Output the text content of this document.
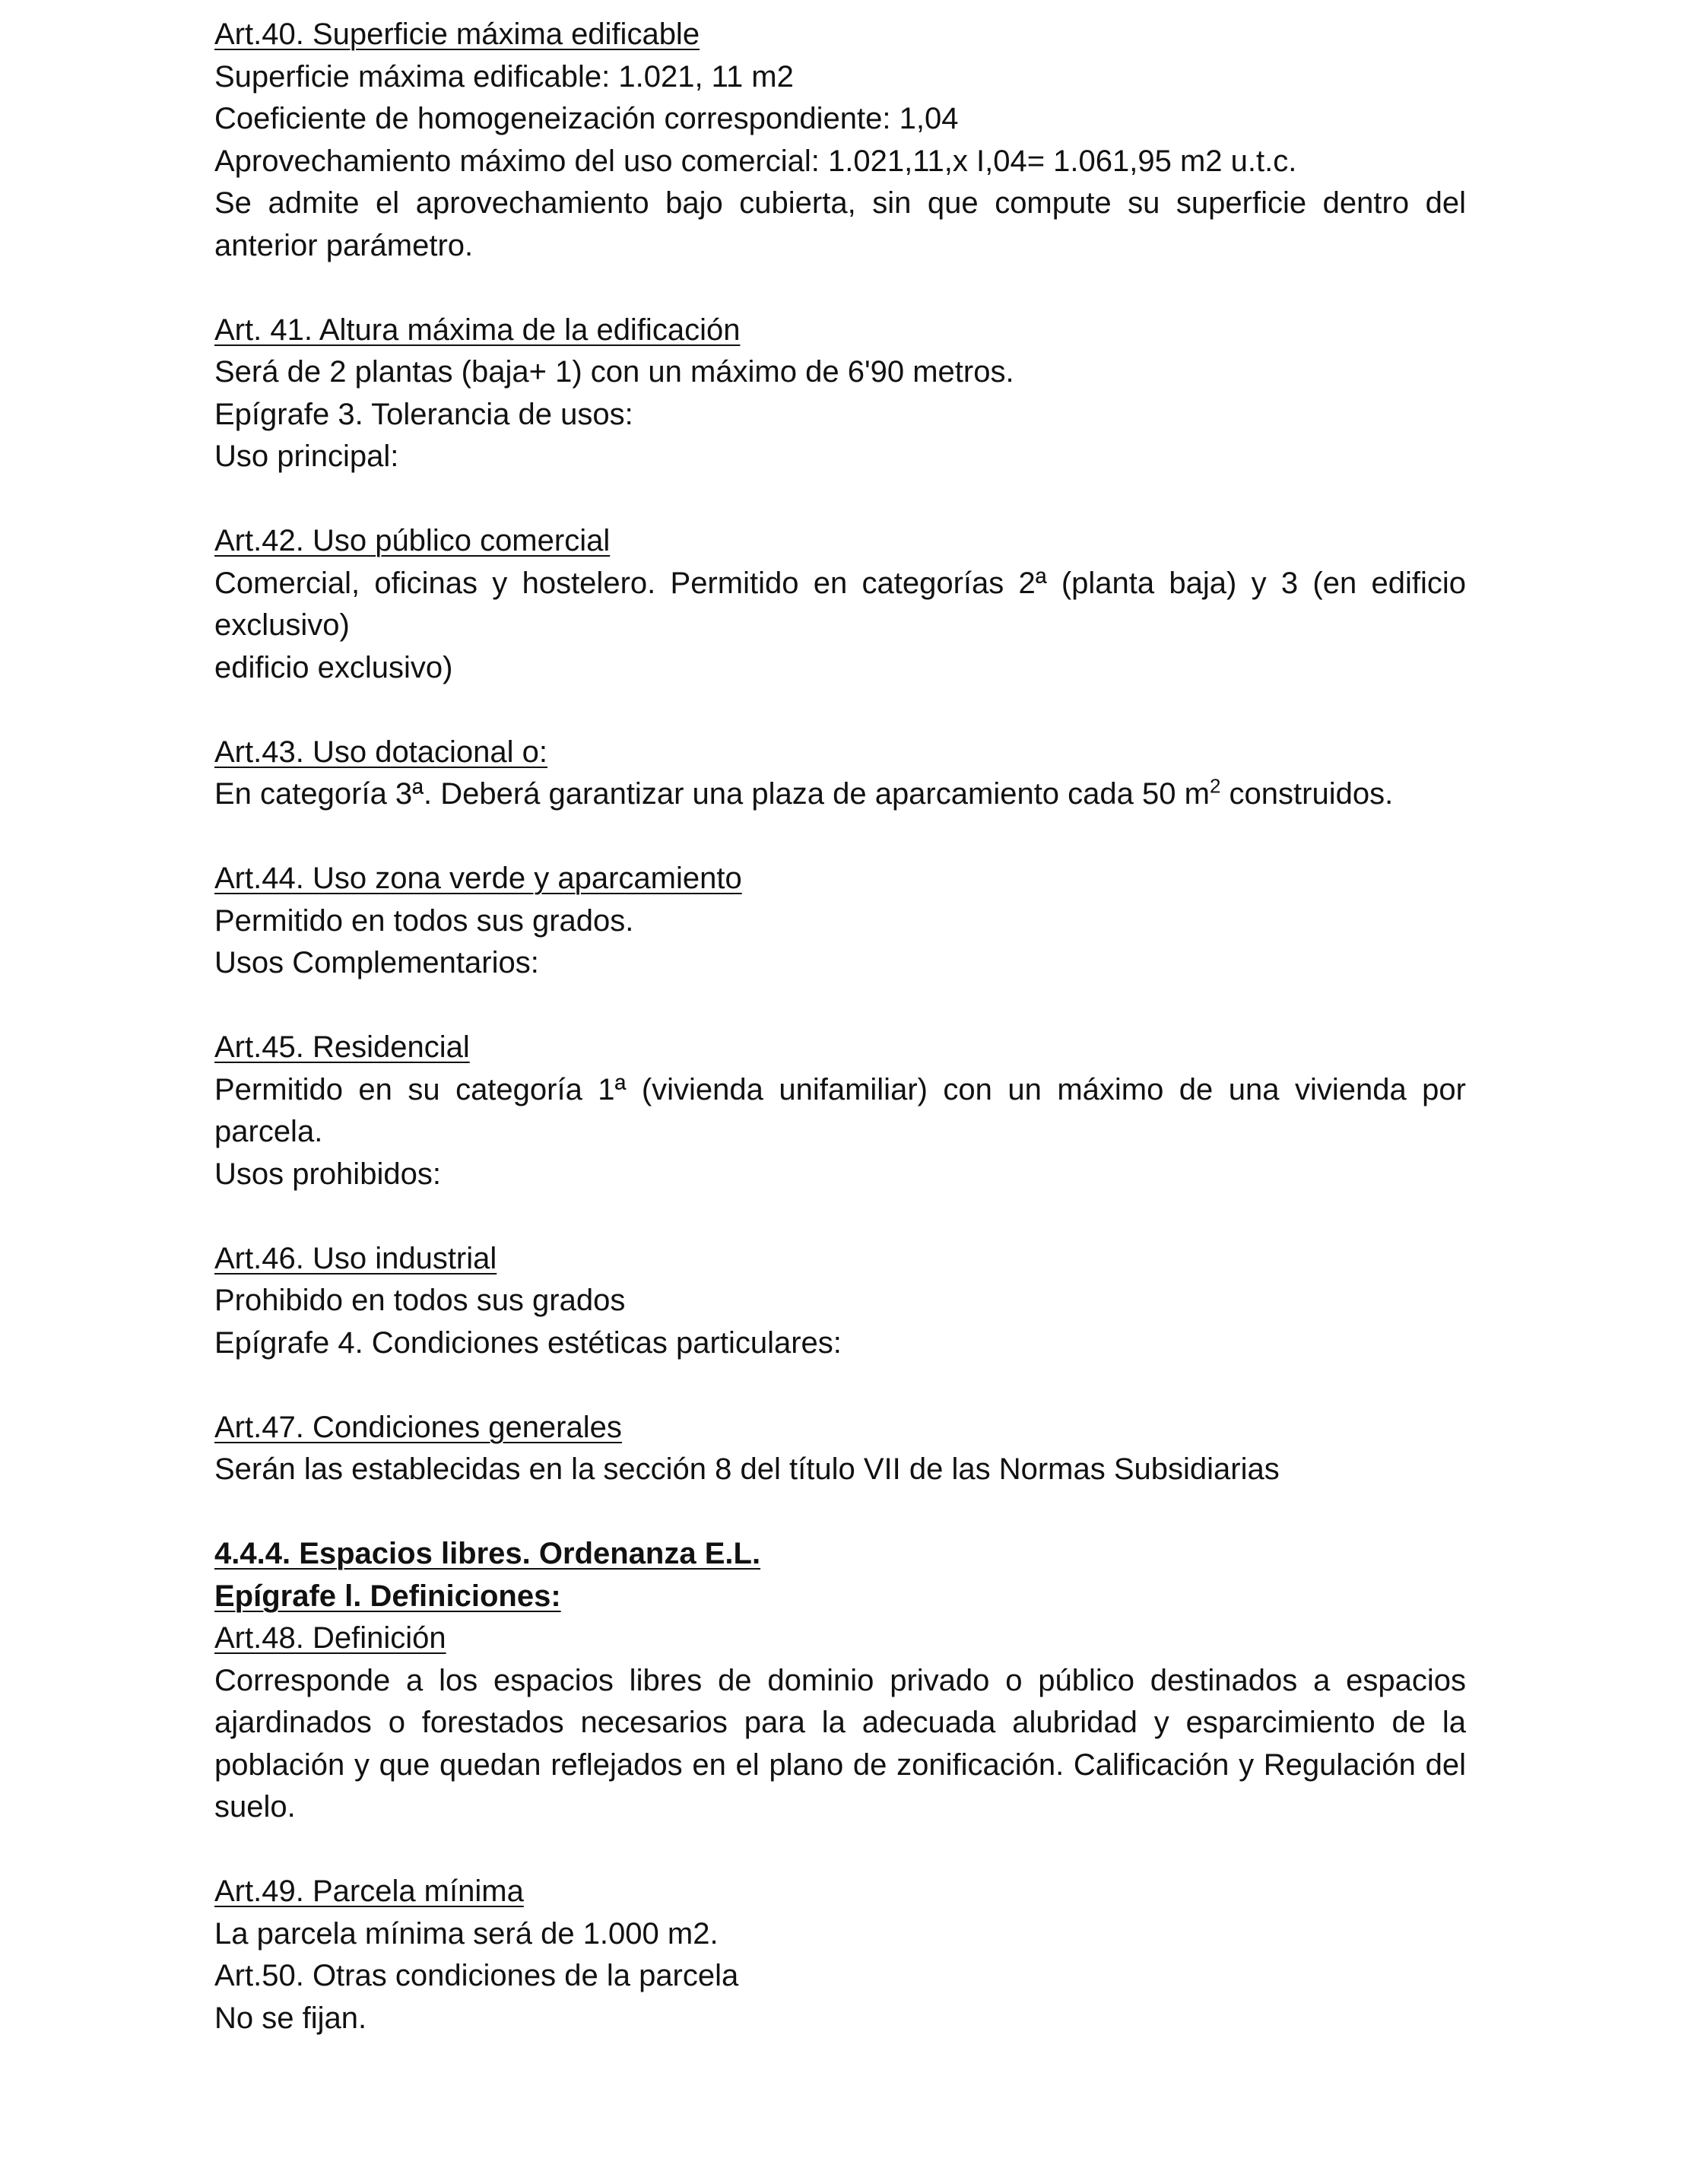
Art.40. Superficie máxima edificable
Superficie máxima edificable: 1.021, 11 m2
Coeficiente de homogeneización correspondiente: 1,04
Aprovechamiento máximo del uso comercial: 1.021,11,x I,04= 1.061,95 m2 u.t.c.
Se admite el aprovechamiento bajo cubierta, sin que compute su superficie dentro del anterior parámetro.
Art. 41. Altura máxima de la edificación
Será de 2 plantas (baja+ 1) con un máximo de 6'90 metros.
Epígrafe 3. Tolerancia de usos:
Uso principal:
Art.42. Uso público comercial
Comercial, oficinas y hostelero. Permitido en categorías 2ª (planta baja) y 3 (en edificio exclusivo)
edificio exclusivo)
Art.43. Uso dotacional o:
En categoría 3ª. Deberá garantizar una plaza de aparcamiento cada 50 $m^2$ construidos.
Art.44. Uso zona verde y aparcamiento
Permitido en todos sus grados.
Usos Complementarios:
Art.45. Residencial
Permitido en su categoría 1ª (vivienda unifamiliar) con un máximo de una vivienda por parcela.
Usos prohibidos:
Art.46. Uso industrial
Prohibido en todos sus grados
Epígrafe 4. Condiciones estéticas particulares:
Art.47. Condiciones generales
Serán las establecidas en la sección 8 del título VII de las Normas Subsidiarias
4.4.4. Espacios libres. Ordenanza E.L.
Epígrafe l. Definiciones:
Art.48. Definición
Corresponde a los espacios libres de dominio privado o público destinados a espacios ajardinados o forestados necesarios para la adecuada alubridad y esparcimiento de la población y que quedan reflejados en el plano de zonificación. Calificación y Regulación del suelo.
Art.49. Parcela mínima
La parcela mínima será de 1.000 m2.
Art.50. Otras condiciones de la parcela
No se fijan.
